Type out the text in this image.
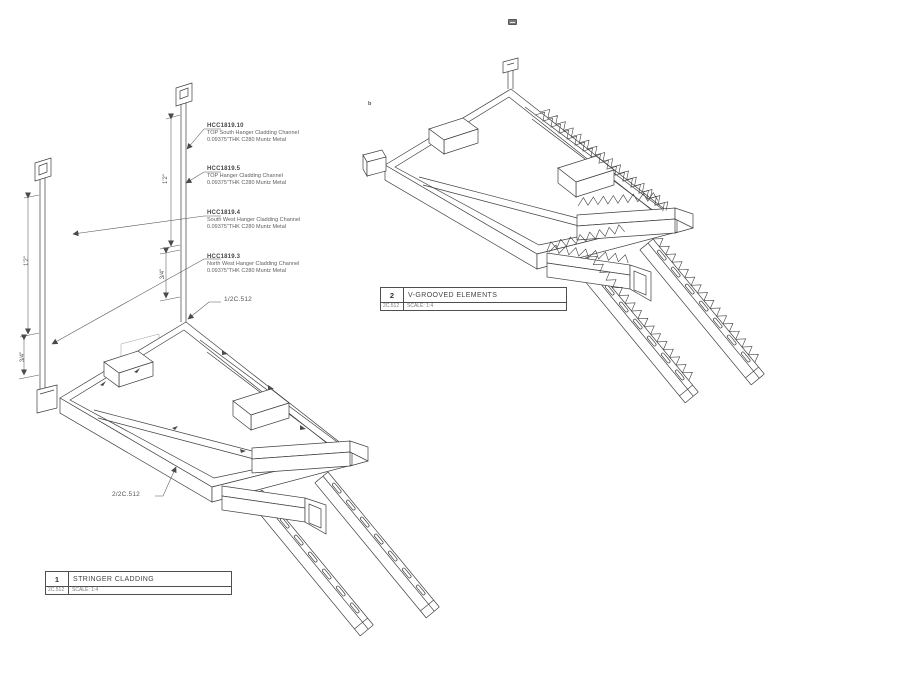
HCC1819.10
TOP South Hanger Cladding Channel
0.09375"THK C280 Muntz Metal
HCC1819.5
TOP Hanger Cladding Channel
0.09375"THK C280 Muntz Metal
HCC1819.4
South West Hanger Cladding Channel
0.09375"THK C280 Muntz Metal
HCC1819.3
North West Hanger Cladding Channel
0.09375"THK C280 Muntz Metal
1/2C.512
2/2C.512
1'2"
3/4"
1'2"
3/4"
b
1	STRINGER CLADDING
2C.512	SCALE: 1:4
2	V-GROOVED ELEMENTS
2C.512	SCALE: 1:4
